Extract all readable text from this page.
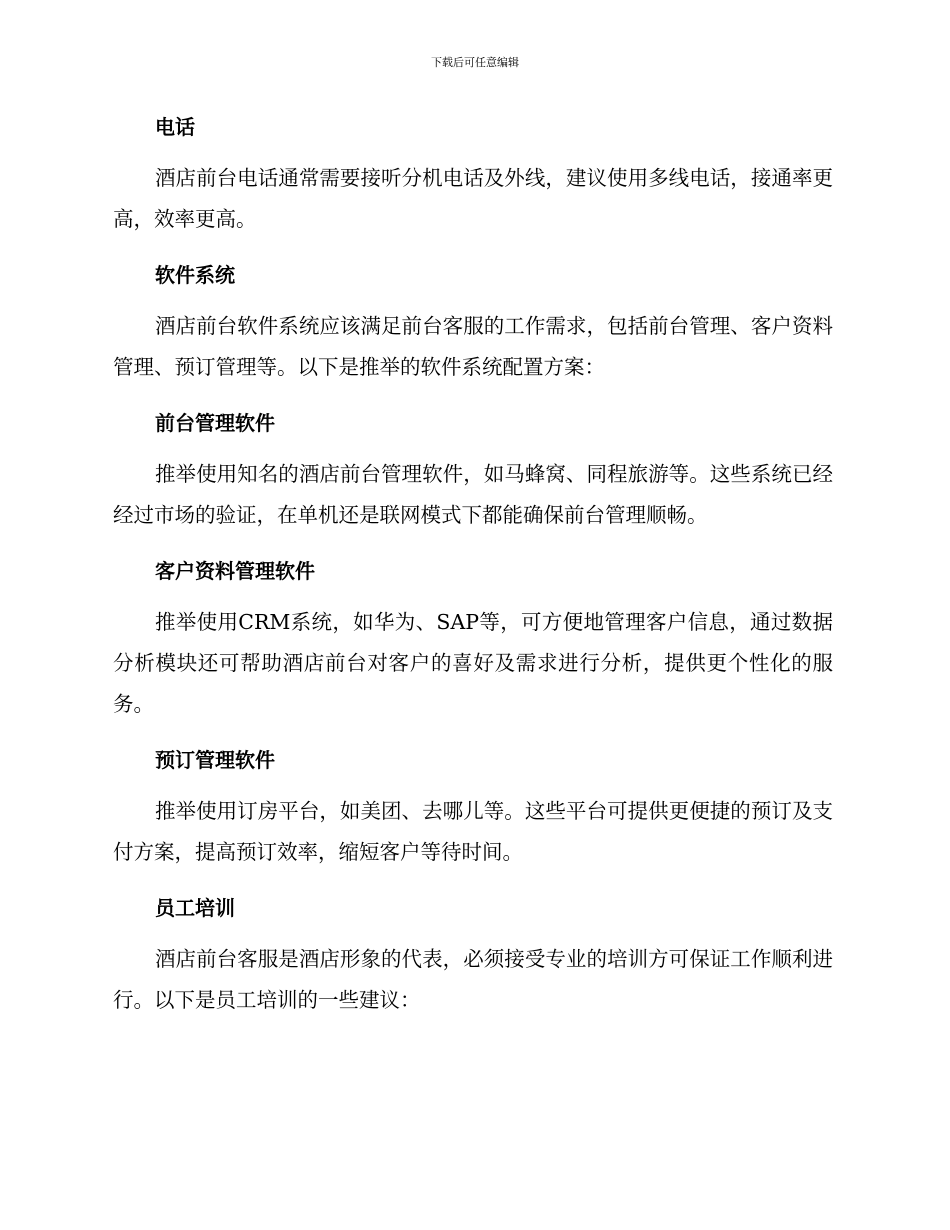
下载后可任意编辑
电话
酒店前台电话通常需要接听分机电话及外线，建议使用多线电话，接通率更高，效率更高。
软件系统
酒店前台软件系统应该满足前台客服的工作需求，包括前台管理、客户资料管理、预订管理等。以下是推举的软件系统配置方案：
前台管理软件
推举使用知名的酒店前台管理软件，如马蜂窝、同程旅游等。这些系统已经经过市场的验证，在单机还是联网模式下都能确保前台管理顺畅。
客户资料管理软件
推举使用CRM系统，如华为、SAP等，可方便地管理客户信息，通过数据分析模块还可帮助酒店前台对客户的喜好及需求进行分析，提供更个性化的服务。
预订管理软件
推举使用订房平台，如美团、去哪儿等。这些平台可提供更便捷的预订及支付方案，提高预订效率，缩短客户等待时间。
员工培训
酒店前台客服是酒店形象的代表，必须接受专业的培训方可保证工作顺利进行。以下是员工培训的一些建议：
